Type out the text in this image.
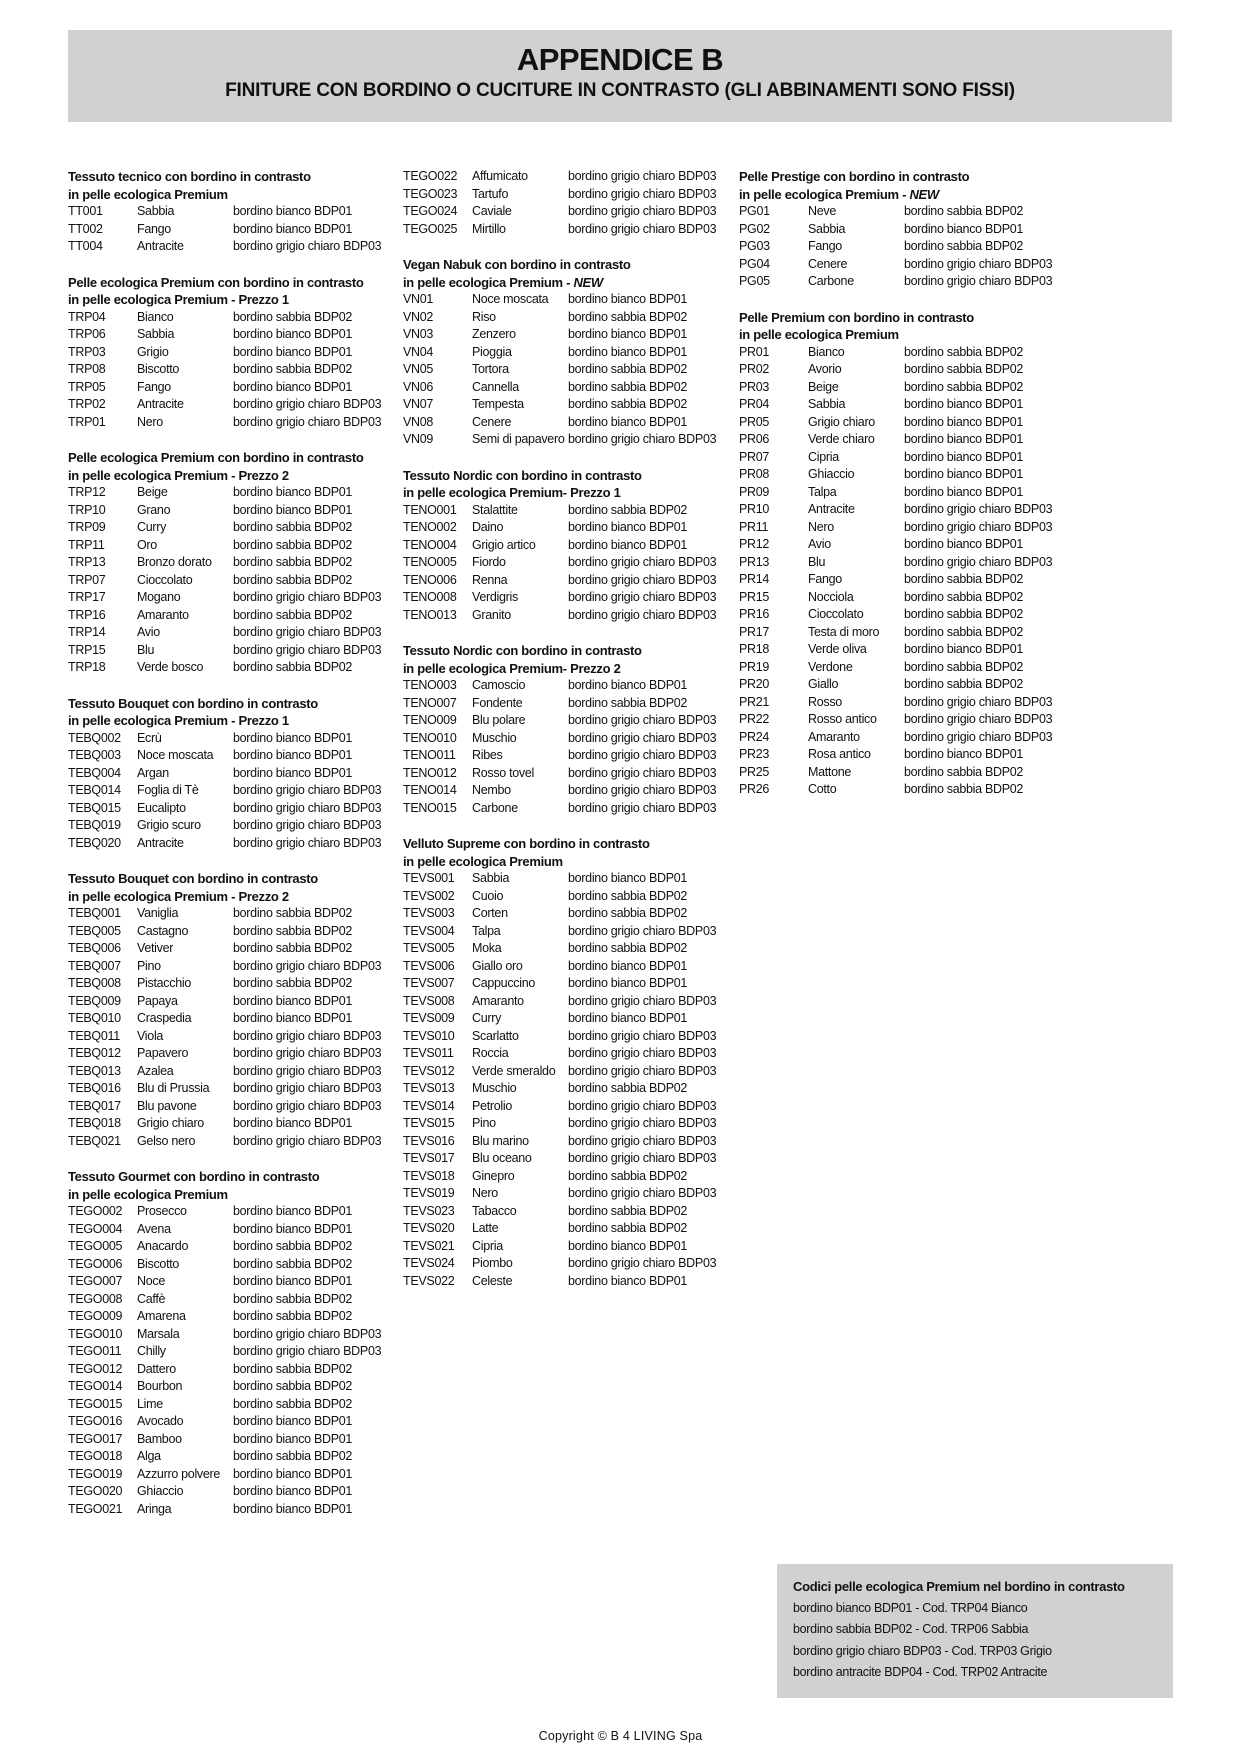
APPENDICE B
FINITURE CON BORDINO O CUCITURE IN CONTRASTO (GLI ABBINAMENTI SONO FISSI)
Tessuto tecnico con bordino in contrasto
in pelle ecologica Premium
TT001	Sabbia	bordino bianco BDP01
TT002	Fango	bordino bianco BDP01
TT004	Antracite	bordino grigio chiaro BDP03
Pelle ecologica Premium con bordino in contrasto
in pelle ecologica Premium - Prezzo 1
TRP04	Bianco	bordino sabbia BDP02
TRP06	Sabbia	bordino bianco BDP01
TRP03	Grigio	bordino bianco BDP01
TRP08	Biscotto	bordino sabbia BDP02
TRP05	Fango	bordino bianco BDP01
TRP02	Antracite	bordino grigio chiaro BDP03
TRP01	Nero	bordino grigio chiaro BDP03
Pelle ecologica Premium con bordino in contrasto
in pelle ecologica Premium - Prezzo 2
TRP12	Beige	bordino bianco BDP01
TRP10	Grano	bordino bianco BDP01
TRP09	Curry	bordino sabbia BDP02
TRP11	Oro	bordino sabbia BDP02
TRP13	Bronzo dorato	bordino sabbia BDP02
TRP07	Cioccolato	bordino sabbia BDP02
TRP17	Mogano	bordino grigio chiaro BDP03
TRP16	Amaranto	bordino sabbia BDP02
TRP14	Avio	bordino grigio chiaro BDP03
TRP15	Blu	bordino grigio chiaro BDP03
TRP18	Verde bosco	bordino sabbia BDP02
Tessuto Bouquet con bordino in contrasto
in pelle ecologica Premium - Prezzo 1
TEBQ002	Ecrù	bordino bianco BDP01
TEBQ003	Noce moscata	bordino bianco BDP01
TEBQ004	Argan	bordino bianco BDP01
TEBQ014	Foglia di Tè	bordino grigio chiaro BDP03
TEBQ015	Eucalipto	bordino grigio chiaro BDP03
TEBQ019	Grigio scuro	bordino grigio chiaro BDP03
TEBQ020	Antracite	bordino grigio chiaro BDP03
Tessuto Bouquet con bordino in contrasto
in pelle ecologica Premium - Prezzo 2
TEBQ001	Vaniglia	bordino sabbia BDP02
TEBQ005	Castagno	bordino sabbia BDP02
TEBQ006	Vetiver	bordino sabbia BDP02
TEBQ007	Pino	bordino grigio chiaro BDP03
TEBQ008	Pistacchio	bordino sabbia BDP02
TEBQ009	Papaya	bordino bianco BDP01
TEBQ010	Craspedia	bordino bianco BDP01
TEBQ011	Viola	bordino grigio chiaro BDP03
TEBQ012	Papavero	bordino grigio chiaro BDP03
TEBQ013	Azalea	bordino grigio chiaro BDP03
TEBQ016	Blu di Prussia	bordino grigio chiaro BDP03
TEBQ017	Blu pavone	bordino grigio chiaro BDP03
TEBQ018	Grigio chiaro	bordino bianco BDP01
TEBQ021	Gelso nero	bordino grigio chiaro BDP03
Tessuto Gourmet con bordino in contrasto
in pelle ecologica Premium
TEGO002	Prosecco	bordino bianco BDP01
TEGO004	Avena	bordino bianco BDP01
TEGO005	Anacardo	bordino sabbia BDP02
TEGO006	Biscotto	bordino sabbia BDP02
TEGO007	Noce	bordino bianco BDP01
TEGO008	Caffè	bordino sabbia BDP02
TEGO009	Amarena	bordino sabbia BDP02
TEGO010	Marsala	bordino grigio chiaro BDP03
TEGO011	Chilly	bordino grigio chiaro BDP03
TEGO012	Dattero	bordino sabbia BDP02
TEGO014	Bourbon	bordino sabbia BDP02
TEGO015	Lime	bordino sabbia BDP02
TEGO016	Avocado	bordino bianco BDP01
TEGO017	Bamboo	bordino bianco BDP01
TEGO018	Alga	bordino sabbia BDP02
TEGO019	Azzurro polvere	bordino bianco BDP01
TEGO020	Ghiaccio	bordino bianco BDP01
TEGO021	Aringa	bordino bianco BDP01
TEGO022	Affumicato	bordino grigio chiaro BDP03
TEGO023	Tartufo	bordino grigio chiaro BDP03
TEGO024	Caviale	bordino grigio chiaro BDP03
TEGO025	Mirtillo	bordino grigio chiaro BDP03
Vegan Nabuk con bordino in contrasto
in pelle ecologica Premium - NEW
VN01	Noce moscata	bordino bianco BDP01
VN02	Riso	bordino sabbia BDP02
VN03	Zenzero	bordino bianco BDP01
VN04	Pioggia	bordino bianco BDP01
VN05	Tortora	bordino sabbia BDP02
VN06	Cannella	bordino sabbia BDP02
VN07	Tempesta	bordino sabbia BDP02
VN08	Cenere	bordino bianco BDP01
VN09	Semi di papavero bordino grigio chiaro BDP03
Tessuto Nordic con bordino in contrasto
in pelle ecologica Premium- Prezzo 1
TENO001	Stalattite	bordino sabbia BDP02
TENO002	Daino	bordino bianco BDP01
TENO004	Grigio artico	bordino bianco BDP01
TENO005	Fiordo	bordino grigio chiaro BDP03
TENO006	Renna	bordino grigio chiaro BDP03
TENO008	Verdigris	bordino grigio chiaro BDP03
TENO013	Granito	bordino grigio chiaro BDP03
Tessuto Nordic con bordino in contrasto
in pelle ecologica Premium- Prezzo 2
TENO003	Camoscio	bordino bianco BDP01
TENO007	Fondente	bordino sabbia BDP02
TENO009	Blu polare	bordino grigio chiaro BDP03
TENO010	Muschio	bordino grigio chiaro BDP03
TENO011	Ribes	bordino grigio chiaro BDP03
TENO012	Rosso tovel	bordino grigio chiaro BDP03
TENO014	Nembo	bordino grigio chiaro BDP03
TENO015	Carbone	bordino grigio chiaro BDP03
Velluto Supreme con bordino in contrasto
in pelle ecologica Premium
TEVS001	Sabbia	bordino bianco BDP01
TEVS002	Cuoio	bordino sabbia BDP02
TEVS003	Corten	bordino sabbia BDP02
TEVS004	Talpa	bordino grigio chiaro BDP03
TEVS005	Moka	bordino sabbia BDP02
TEVS006	Giallo oro	bordino bianco BDP01
TEVS007	Cappuccino	bordino bianco BDP01
TEVS008	Amaranto	bordino grigio chiaro BDP03
TEVS009	Curry	bordino bianco BDP01
TEVS010	Scarlatto	bordino grigio chiaro BDP03
TEVS011	Roccia	bordino grigio chiaro BDP03
TEVS012	Verde smeraldo	bordino grigio chiaro BDP03
TEVS013	Muschio	bordino sabbia BDP02
TEVS014	Petrolio	bordino grigio chiaro BDP03
TEVS015	Pino	bordino grigio chiaro BDP03
TEVS016	Blu marino	bordino grigio chiaro BDP03
TEVS017	Blu oceano	bordino grigio chiaro BDP03
TEVS018	Ginepro	bordino sabbia BDP02
TEVS019	Nero	bordino grigio chiaro BDP03
TEVS023	Tabacco	bordino sabbia BDP02
TEVS020	Latte	bordino sabbia BDP02
TEVS021	Cipria	bordino bianco BDP01
TEVS024	Piombo	bordino grigio chiaro BDP03
TEVS022	Celeste	bordino bianco BDP01
Pelle Prestige con bordino in contrasto
in pelle ecologica Premium - NEW
PG01	Neve	bordino sabbia BDP02
PG02	Sabbia	bordino bianco BDP01
PG03	Fango	bordino sabbia BDP02
PG04	Cenere	bordino grigio chiaro BDP03
PG05	Carbone	bordino grigio chiaro BDP03
Pelle Premium con bordino in contrasto
in pelle ecologica Premium
PR01	Bianco	bordino sabbia BDP02
PR02	Avorio	bordino sabbia BDP02
PR03	Beige	bordino sabbia BDP02
PR04	Sabbia	bordino bianco BDP01
PR05	Grigio chiaro	bordino bianco BDP01
PR06	Verde chiaro	bordino bianco BDP01
PR07	Cipria	bordino bianco BDP01
PR08	Ghiaccio	bordino bianco BDP01
PR09	Talpa	bordino bianco BDP01
PR10	Antracite	bordino grigio chiaro BDP03
PR11	Nero	bordino grigio chiaro BDP03
PR12	Avio	bordino bianco BDP01
PR13	Blu	bordino grigio chiaro BDP03
PR14	Fango	bordino sabbia BDP02
PR15	Nocciola	bordino sabbia BDP02
PR16	Cioccolato	bordino sabbia BDP02
PR17	Testa di moro	bordino sabbia BDP02
PR18	Verde oliva	bordino bianco BDP01
PR19	Verdone	bordino sabbia BDP02
PR20	Giallo	bordino sabbia BDP02
PR21	Rosso	bordino grigio chiaro BDP03
PR22	Rosso antico	bordino grigio chiaro BDP03
PR24	Amaranto	bordino grigio chiaro BDP03
PR23	Rosa antico	bordino bianco BDP01
PR25	Mattone	bordino sabbia BDP02
PR26	Cotto	bordino sabbia BDP02
Codici pelle ecologica Premium nel bordino in contrasto
bordino bianco BDP01 - Cod. TRP04 Bianco
bordino sabbia BDP02 - Cod. TRP06 Sabbia
bordino grigio chiaro BDP03 - Cod. TRP03 Grigio
bordino antracite BDP04 - Cod. TRP02 Antracite
Copyright © B 4 LIVING Spa
